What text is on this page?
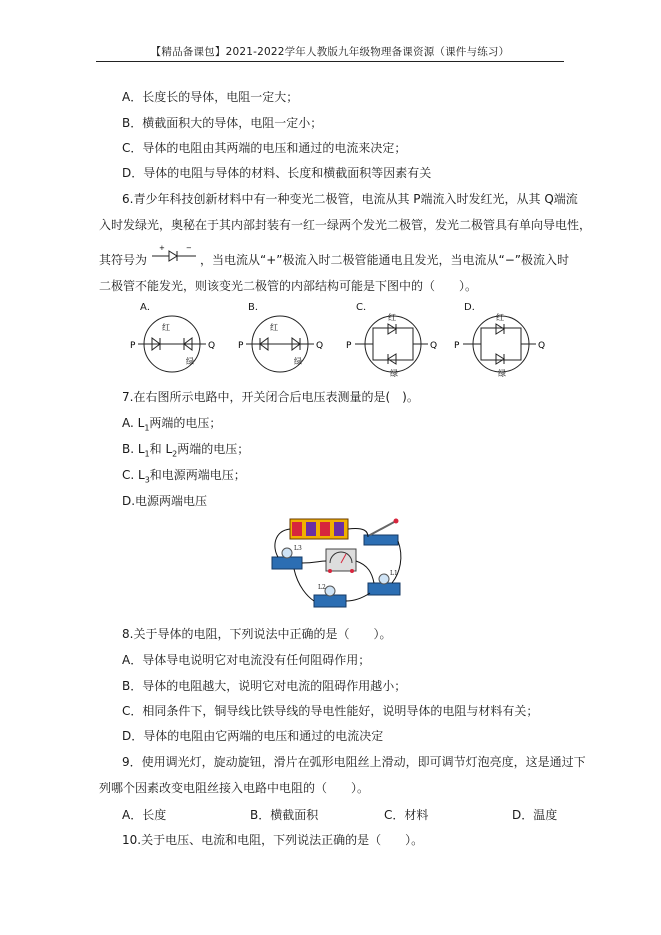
【精品备课包】2021-2022学年人教版九年级物理备课资源（课件与练习）
A．长度长的导体，电阻一定大；
B．横截面积大的导体，电阻一定小；
C．导体的电阻由其两端的电压和通过的电流来决定；
D．导体的电阻与导体的材料、长度和横截面积等因素有关
6.青少年科技创新材料中有一种变光二极管，电流从其 P端流入时发红光，从其 Q端流
入时发绿光，奥秘在于其内部封装有一红一绿两个发光二极管，发光二极管具有单向导电性，
其符号为
+	−
，当电流从“+”极流入时二极管能通电且发光，当电流从“−”极流入时
二极管不能发光，则该变光二极管的内部结构可能是下图中的（　　）。
A．
P	Q
红
绿
B．
P	Q
红
绿
C．
P	Q
红
绿
D．
P	Q
红
绿
7.在右图所示电路中，开关闭合后电压表测量的是(　)。
A. $L_1$两端的电压；
B. $L_1$和 $L_2$两端的电压；
C. $L_3$和电源两端电压；
D.电源两端电压
L3
L1
L2
8.关于导体的电阻，下列说法中正确的是（　　）。
A．导体导电说明它对电流没有任何阻碍作用；
B．导体的电阻越大，说明它对电流的阻碍作用越小；
C．相同条件下，铜导线比铁导线的导电性能好，说明导体的电阻与材料有关；
D．导体的电阻由它两端的电压和通过的电流决定
9．使用调光灯，旋动旋钮，滑片在弧形电阻丝上滑动，即可调节灯泡亮度，这是通过下
列哪个因素改变电阻丝接入电路中电阻的（　　）。
A．长度	B．横截面积	C．材料	D．温度
10.关于电压、电流和电阻，下列说法正确的是（　　）。
